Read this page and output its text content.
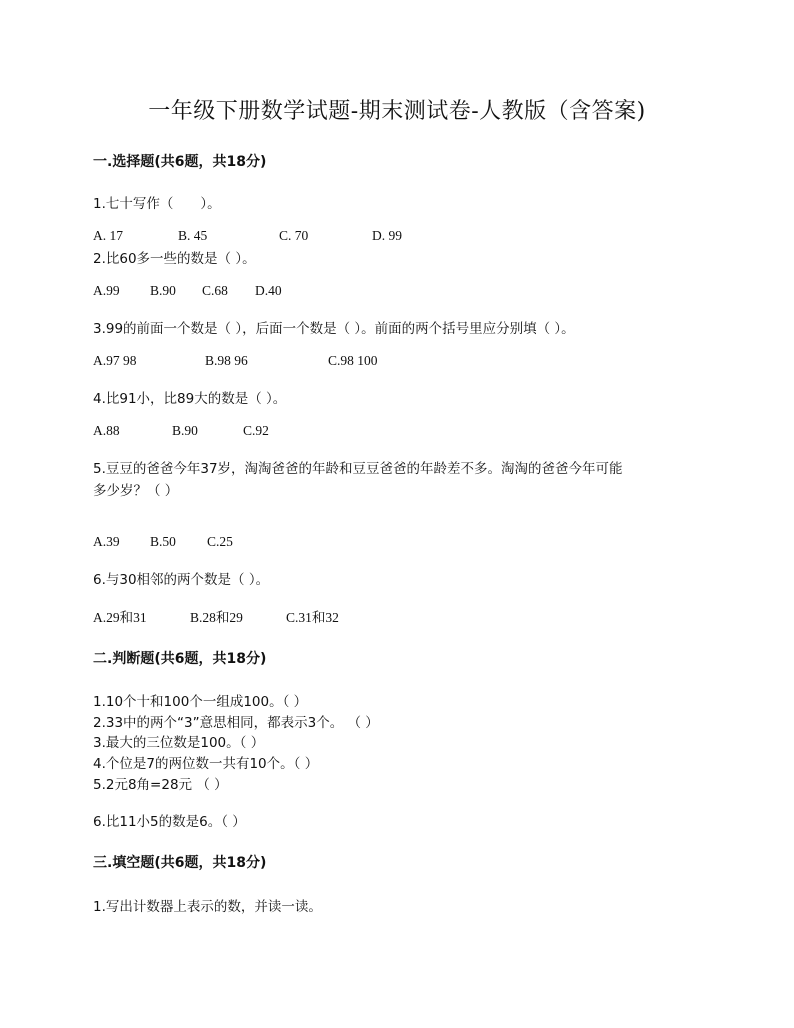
一年级下册数学试题-期末测试卷-人教版（含答案)
一.选择题(共6题，共18分)
1.七十写作（　　）。
A. 17	B. 45	C. 70	D. 99
2.比60多一些的数是（ ）。
A.99 B.90 C.68 D.40
3.99的前面一个数是（ ），后面一个数是（ ）。前面的两个括号里应分别填（ ）。
A.97 98	B.98 96	C.98 100
4.比91小，比89大的数是（ ）。
A.88	B.90	C.92
5.豆豆的爸爸今年37岁，淘淘爸爸的年龄和豆豆爸爸的年龄差不多。淘淘的爸爸今年可能
多少岁？（ ）
A.39 B.50 C.25
6.与30相邻的两个数是（ ）。
A.29和31	B.28和29	C.31和32
二.判断题(共6题，共18分)
1.10个十和100个一组成100。（ ）
2.33中的两个“3”意思相同，都表示3个。 （ ）
3.最大的三位数是100。（ ）
4.个位是7的两位数一共有10个。（ ）
5.2元8角=28元 （ ）
6.比11小5的数是6。（ ）
三.填空题(共6题，共18分)
1.写出计数器上表示的数，并读一读。
